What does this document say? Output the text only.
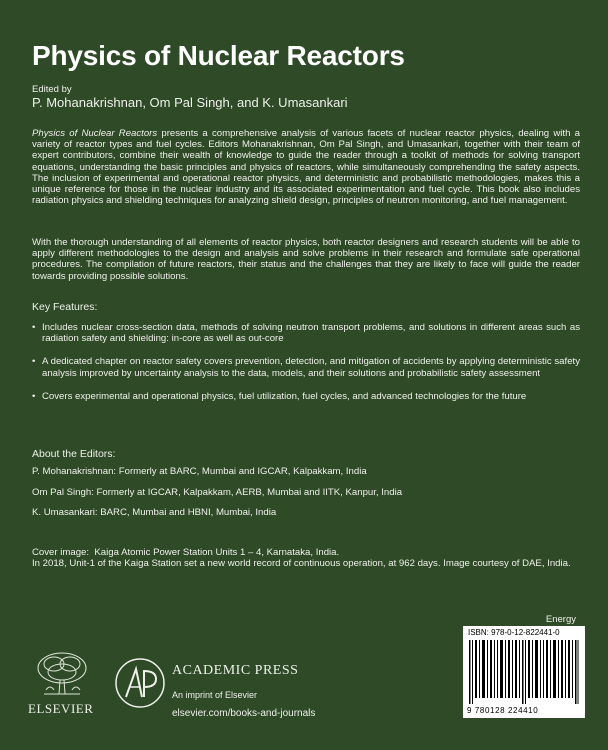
Physics of Nuclear Reactors
Edited by
P. Mohanakrishnan, Om Pal Singh, and K. Umasankari

Physics of Nuclear Reactors presents a comprehensive analysis of various facets of nuclear reactor physics, dealing with a variety of reactor types and fuel cycles. Editors Mohanakrishnan, Om Pal Singh, and Umasankari, together with their team of expert contributors, combine their wealth of knowledge to guide the reader through a toolkit of methods for solving transport equations, understanding the basic principles and physics of reactors, while simultaneously comprehending the safety aspects. The inclusion of experimental and operational reactor physics, and deterministic and probabilistic methodologies, makes this a unique reference for those in the nuclear industry and its associated experimentation and fuel cycle. This book also includes radiation physics and shielding techniques for analyzing shield design, principles of neutron monitoring, and fuel management.

With the thorough understanding of all elements of reactor physics, both reactor designers and research students will be able to apply different methodologies to the design and analysis and solve problems in their research and formulate safe operational procedures. The compilation of future reactors, their status and the challenges that they are likely to face will guide the reader towards providing possible solutions.

Key Features:
• Includes nuclear cross-section data, methods of solving neutron transport problems, and solutions in different areas such as radiation safety and shielding: in-core as well as out-core
• A dedicated chapter on reactor safety covers prevention, detection, and mitigation of accidents by applying deterministic safety analysis improved by uncertainty analysis to the data, models, and their solutions and probabilistic safety assessment
• Covers experimental and operational physics, fuel utilization, fuel cycles, and advanced technologies for the future
About the Editors:
P. Mohanakrishnan: Formerly at BARC, Mumbai and IGCAR, Kalpakkam, India
Om Pal Singh: Formerly at IGCAR, Kalpakkam, AERB, Mumbai and IITK, Kanpur, India
K. Umasankari: BARC, Mumbai and HBNI, Mumbai, India
Cover image: Kaiga Atomic Power Station Units 1 – 4, Karnataka, India.
In 2018, Unit-1 of the Kaiga Station set a new world record of continuous operation, at 962 days. Image courtesy of DAE, India.
Energy
ISBN: 978-0-12-822441-0
9 780128 224410
ELSEVIER
ACADEMIC PRESS
An imprint of Elsevier
elsevier.com/books-and-journals
